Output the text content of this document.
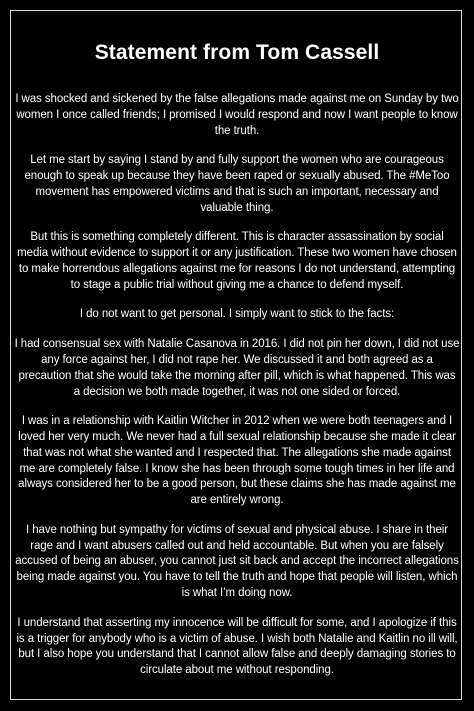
Statement from Tom Cassell

I was shocked and sickened by the false allegations made against me on Sunday by two women I once called friends; I promised I would respond and now I want people to know the truth.

Let me start by saying I stand by and fully support the women who are courageous enough to speak up because they have been raped or sexually abused. The #MeToo movement has empowered victims and that is such an important, necessary and valuable thing.

But this is something completely different. This is character assassination by social media without evidence to support it or any justification. These two women have chosen to make horrendous allegations against me for reasons I do not understand, attempting to stage a public trial without giving me a chance to defend myself.

I do not want to get personal. I simply want to stick to the facts:

I had consensual sex with Natalie Casanova in 2016. I did not pin her down, I did not use any force against her, I did not rape her. We discussed it and both agreed as a precaution that she would take the morning after pill, which is what happened. This was a decision we both made together, it was not one sided or forced.

I was in a relationship with Kaitlin Witcher in 2012 when we were both teenagers and I loved her very much. We never had a full sexual relationship because she made it clear that was not what she wanted and I respected that. The allegations she made against me are completely false. I know she has been through some tough times in her life and always considered her to be a good person, but these claims she has made against me are entirely wrong.

I have nothing but sympathy for victims of sexual and physical abuse. I share in their rage and I want abusers called out and held accountable. But when you are falsely accused of being an abuser, you cannot just sit back and accept the incorrect allegations being made against you. You have to tell the truth and hope that people will listen, which is what I’m doing now.

I understand that asserting my innocence will be difficult for some, and I apologize if this is a trigger for anybody who is a victim of abuse. I wish both Natalie and Kaitlin no ill will, but I also hope you understand that I cannot allow false and deeply damaging stories to circulate about me without responding.
